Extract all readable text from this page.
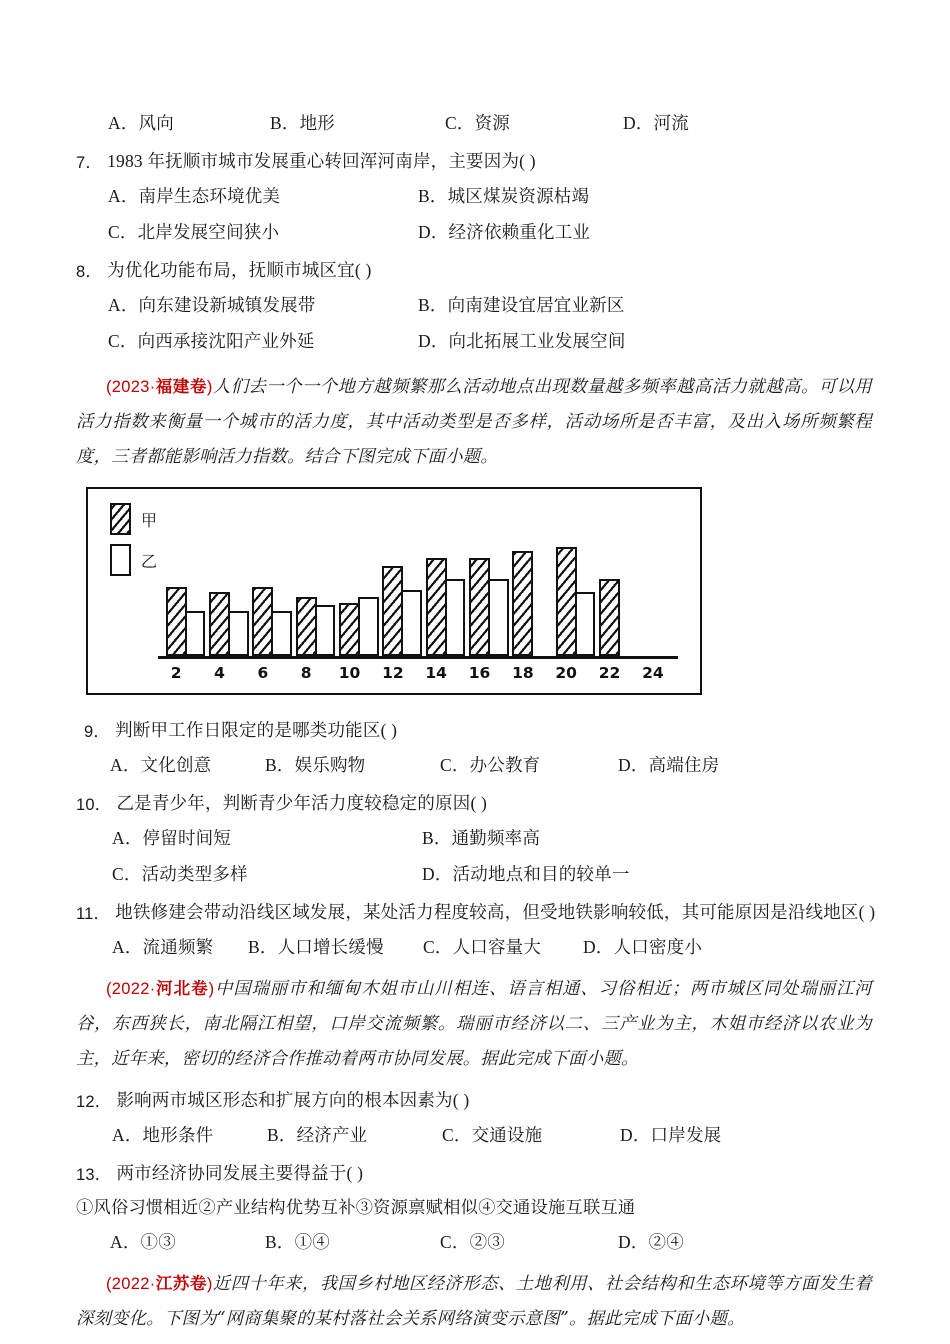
A．风向	B．地形	C．资源	D．河流
7． 1983 年抚顺市城市发展重心转回浑河南岸，主要因为( )
A．南岸生态环境优美	B．城区煤炭资源枯竭
C．北岸发展空间狭小	D．经济依赖重化工业
8． 为优化功能布局，抚顺市城区宜( )
A．向东建设新城镇发展带	B．向南建设宜居宜业新区
C．向西承接沈阳产业外延	D．向北拓展工业发展空间
(2023·福建卷)人们去一个一个地方越频繁那么活动地点出现数量越多频率越高活力就越高。可以用活力指数来衡量一个城市的活力度，其中活动类型是否多样，活动场所是否丰富，及出入场所频繁程度，三者都能影响活力指数。结合下图完成下面小题。
甲
乙
2 4 6 8 10 12 14 16 18 20 22 24
9． 判断甲工作日限定的是哪类功能区( )
A．文化创意	B．娱乐购物	C．办公教育	D．高端住房
10． 乙是青少年，判断青少年活力度较稳定的原因( )
A．停留时间短	B．通勤频率高
C．活动类型多样	D．活动地点和目的较单一
11． 地铁修建会带动沿线区域发展，某处活力程度较高，但受地铁影响较低，其可能原因是沿线地区( )
A．流通频繁	B．人口增长缓慢	C．人口容量大	D．人口密度小
(2022·河北卷)中国瑞丽市和缅甸木姐市山川相连、语言相通、习俗相近；两市城区同处瑞丽江河谷，东西狭长，南北隔江相望，口岸交流频繁。瑞丽市经济以二、三产业为主，木姐市经济以农业为主，近年来，密切的经济合作推动着两市协同发展。据此完成下面小题。
12． 影响两市城区形态和扩展方向的根本因素为( )
A．地形条件	B．经济产业	C．交通设施	D．口岸发展
13． 两市经济协同发展主要得益于( )
①风俗习惯相近②产业结构优势互补③资源禀赋相似④交通设施互联互通
A．①③	B．①④	C．②③	D．②④
(2022·江苏卷)近四十年来，我国乡村地区经济形态、土地利用、社会结构和生态环境等方面发生着深刻变化。下图为“网商集聚的某村落社会关系网络演变示意图”。据此完成下面小题。
